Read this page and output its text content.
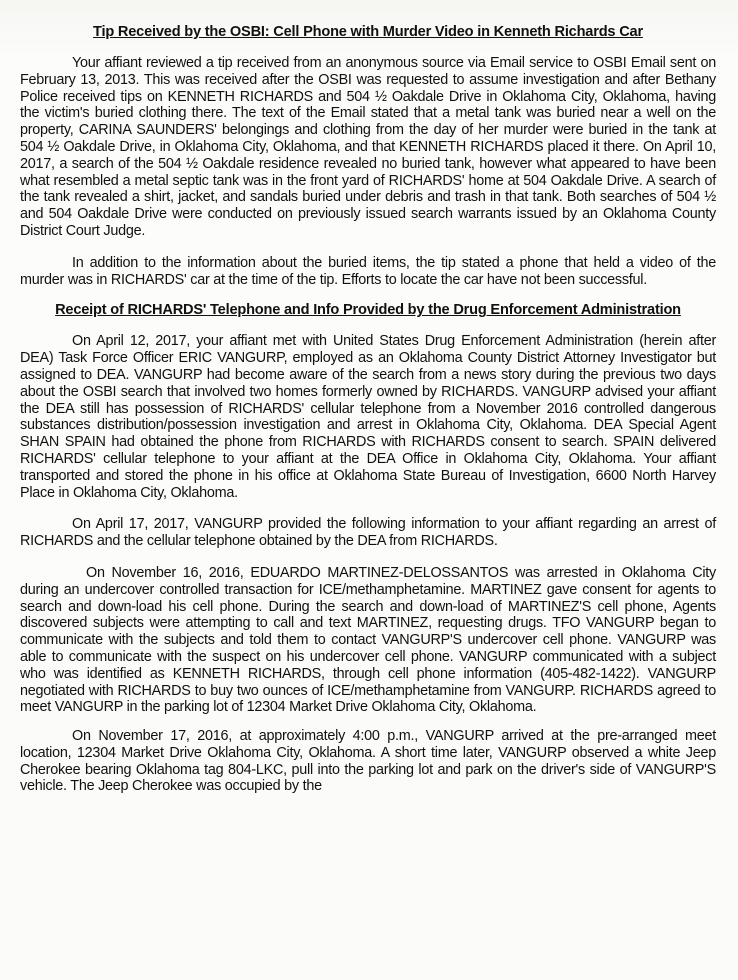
Tip Received by the OSBI: Cell Phone with Murder Video in Kenneth Richards Car

Your affiant reviewed a tip received from an anonymous source via Email service to OSBI Email sent on February 13, 2013. This was received after the OSBI was requested to assume investigation and after Bethany Police received tips on KENNETH RICHARDS and 504 ½ Oakdale Drive in Oklahoma City, Oklahoma, having the victim's buried clothing there. The text of the Email stated that a metal tank was buried near a well on the property, CARINA SAUNDERS' belongings and clothing from the day of her murder were buried in the tank at 504 ½ Oakdale Drive, in Oklahoma City, Oklahoma, and that KENNETH RICHARDS placed it there. On April 10, 2017, a search of the 504 ½ Oakdale residence revealed no buried tank, however what appeared to have been what resembled a metal septic tank was in the front yard of RICHARDS' home at 504 Oakdale Drive. A search of the tank revealed a shirt, jacket, and sandals buried under debris and trash in that tank. Both searches of 504 ½ and 504 Oakdale Drive were conducted on previously issued search warrants issued by an Oklahoma County District Court Judge.

In addition to the information about the buried items, the tip stated a phone that held a video of the murder was in RICHARDS' car at the time of the tip. Efforts to locate the car have not been successful.

Receipt of RICHARDS' Telephone and Info Provided by the Drug Enforcement Administration

On April 12, 2017, your affiant met with United States Drug Enforcement Administration (herein after DEA) Task Force Officer ERIC VANGURP, employed as an Oklahoma County District Attorney Investigator but assigned to DEA. VANGURP had become aware of the search from a news story during the previous two days about the OSBI search that involved two homes formerly owned by RICHARDS. VANGURP advised your affiant the DEA still has possession of RICHARDS' cellular telephone from a November 2016 controlled dangerous substances distribution/possession investigation and arrest in Oklahoma City, Oklahoma. DEA Special Agent SHAN SPAIN had obtained the phone from RICHARDS with RICHARDS consent to search. SPAIN delivered RICHARDS' cellular telephone to your affiant at the DEA Office in Oklahoma City, Oklahoma. Your affiant transported and stored the phone in his office at Oklahoma State Bureau of Investigation, 6600 North Harvey Place in Oklahoma City, Oklahoma.

On April 17, 2017, VANGURP provided the following information to your affiant regarding an arrest of RICHARDS and the cellular telephone obtained by the DEA from RICHARDS.

On November 16, 2016, EDUARDO MARTINEZ-DELOSSANTOS was arrested in Oklahoma City during an undercover controlled transaction for ICE/methamphetamine. MARTINEZ gave consent for agents to search and down-load his cell phone. During the search and down-load of MARTINEZ'S cell phone, Agents discovered subjects were attempting to call and text MARTINEZ, requesting drugs. TFO VANGURP began to communicate with the subjects and told them to contact VANGURP'S undercover cell phone. VANGURP was able to communicate with the suspect on his undercover cell phone. VANGURP communicated with a subject who was identified as KENNETH RICHARDS, through cell phone information (405-482-1422). VANGURP negotiated with RICHARDS to buy two ounces of ICE/methamphetamine from VANGURP. RICHARDS agreed to meet VANGURP in the parking lot of 12304 Market Drive Oklahoma City, Oklahoma.

On November 17, 2016, at approximately 4:00 p.m., VANGURP arrived at the pre-arranged meet location, 12304 Market Drive Oklahoma City, Oklahoma. A short time later, VANGURP observed a white Jeep Cherokee bearing Oklahoma tag 804-LKC, pull into the parking lot and park on the driver's side of VANGURP'S vehicle. The Jeep Cherokee was occupied by the
